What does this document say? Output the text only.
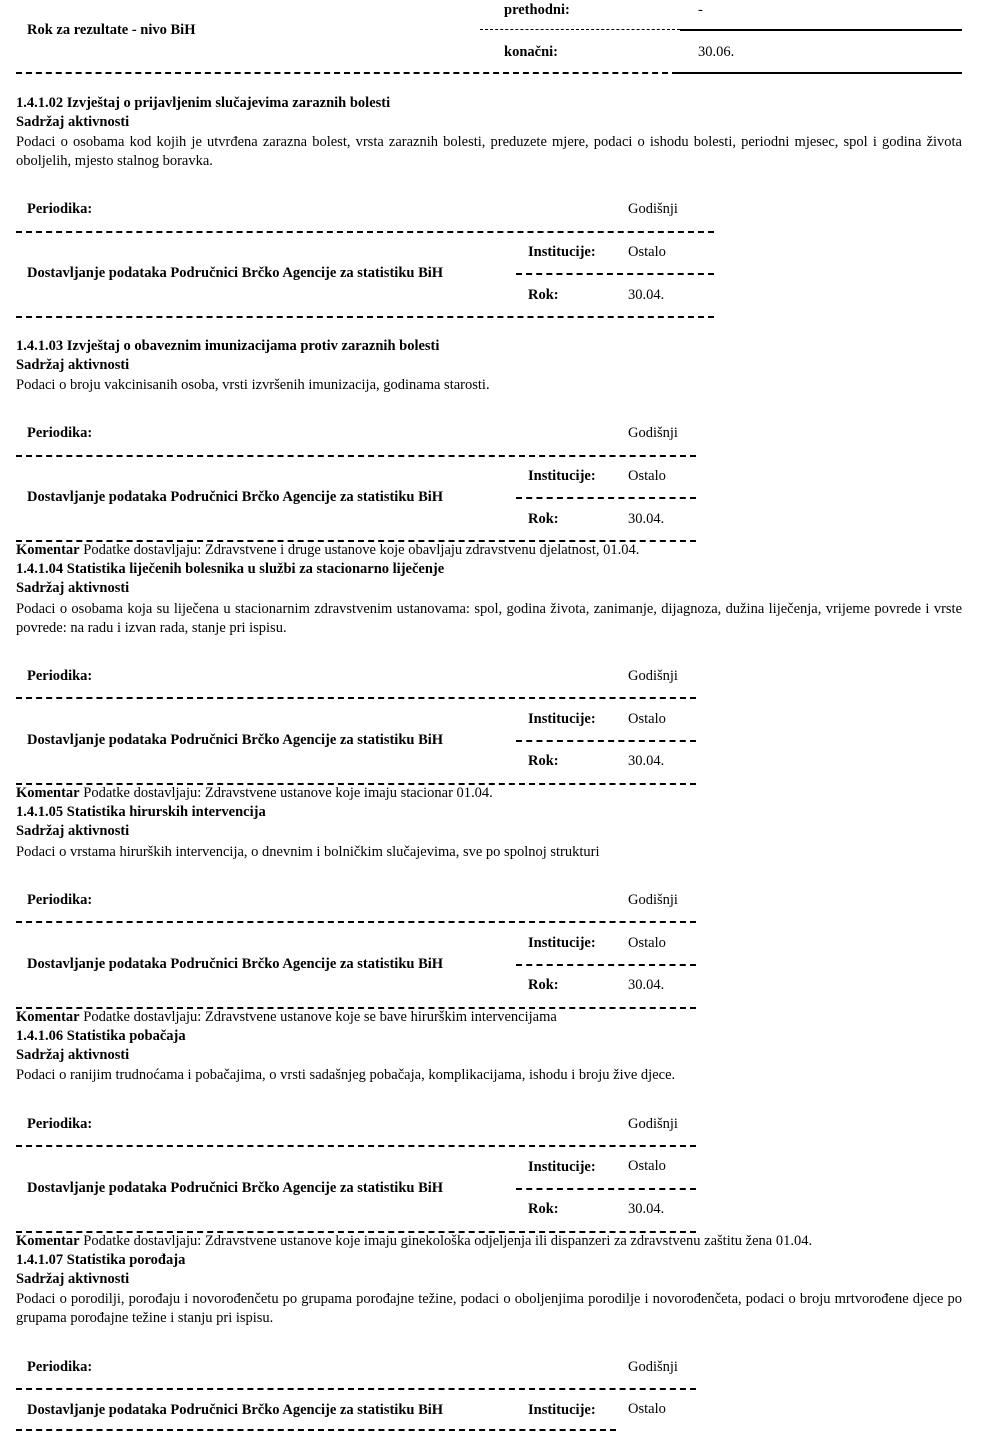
Rok za rezultate - nivo BiH
prethodni:	-
konačni:	30.06.
1.4.1.02 Izvještaj o prijavljenim slučajevima zaraznih bolesti
Sadržaj aktivnosti
Podaci o osobama kod kojih je utvrđena zarazna bolest, vrsta zaraznih bolesti, preduzete mjere, podaci o ishodu bolesti, periodni mjesec, spol i godina života oboljelih, mjesto stalnog boravka.
Periodika:	Godišnji
Dostavljanje podataka Područnici Brčko Agencije za statistiku BiH
Institucije: Ostalo
Rok:	30.04.
1.4.1.03 Izvještaj o obaveznim imunizacijama protiv zaraznih bolesti
Sadržaj aktivnosti
Podaci o broju vakcinisanih osoba, vrsti izvršenih imunizacija, godinama starosti.
Periodika:	Godišnji
Dostavljanje podataka Područnici Brčko Agencije za statistiku BiH
Institucije: Ostalo
Rok:	30.04.
Komentar Podatke dostavljaju: Zdravstvene i druge ustanove koje obavljaju zdravstvenu djelatnost, 01.04.
1.4.1.04 Statistika liječenih bolesnika u službi za stacionarno liječenje
Sadržaj aktivnosti
Podaci o osobama koja su liječena u stacionarnim zdravstvenim ustanovama: spol, godina života, zanimanje, dijagnoza, dužina liječenja, vrijeme povrede i vrste povrede: na radu i izvan rada, stanje pri ispisu.
Periodika:	Godišnji
Dostavljanje podataka Područnici Brčko Agencije za statistiku BiH
Institucije: Ostalo
Rok:	30.04.
Komentar Podatke dostavljaju: Zdravstvene ustanove koje imaju stacionar 01.04.
1.4.1.05 Statistika hirurskih intervencija
Sadržaj aktivnosti
Podaci o vrstama hirurških intervencija, o dnevnim i bolničkim slučajevima, sve po spolnoj strukturi
Periodika:	Godišnji
Dostavljanje podataka Područnici Brčko Agencije za statistiku BiH
Institucije: Ostalo
Rok:	30.04.
Komentar Podatke dostavljaju: Zdravstvene ustanove koje se bave hirurškim intervencijama
1.4.1.06 Statistika pobačaja
Sadržaj aktivnosti
Podaci o ranijim trudnoćama i pobačajima, o vrsti sadašnjeg pobačaja, komplikacijama, ishodu i broju žive djece.
Periodika:	Godišnji
Dostavljanje podataka Područnici Brčko Agencije za statistiku BiH
Institucije: Ostalo
Rok:	30.04.
Komentar Podatke dostavljaju: Zdravstvene ustanove koje imaju ginekološka odjeljenja ili dispanzeri za zdravstvenu zaštitu žena 01.04.
1.4.1.07 Statistika porođaja
Sadržaj aktivnosti
Podaci o porodilji, porođaju i novorođenčetu po grupama porođajne težine, podaci o oboljenjima porodilje i novorođenčeta, podaci o broju mrtvorođene djece po grupama porođajne težine i stanju pri ispisu.
Periodika:	Godišnji
Dostavljanje podataka Područnici Brčko Agencije za statistiku BiH	Institucije: Ostalo
